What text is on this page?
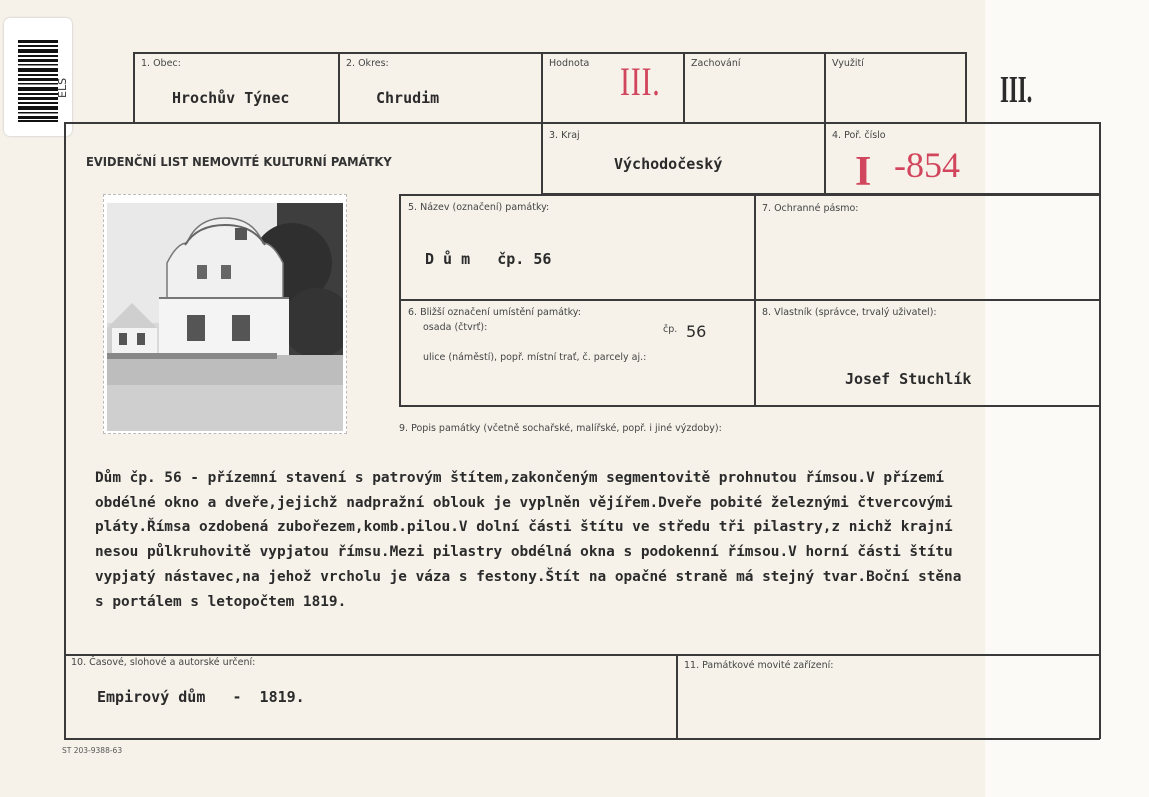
ELS
1. Obec:
Hrochův Týnec
2. Okres:
Chrudim
Hodnota III.	Zachování	Využití
III.
EVIDENČNÍ LIST NEMOVITÉ KULTURNÍ PAMÁTKY
3. Kraj
Východočeský
4. Poř. číslo
I -854
5. Název (označení) památky:
D ů m   čp. 56
7. Ochranné pásmo:
6. Bližší označení umístění památky:
osada (čtvrť):	čp. 56
ulice (náměstí), popř. místní trať, č. parcely aj.:
8. Vlastník (správce, trvalý uživatel):
Josef Stuchlík
9. Popis památky (včetně sochařské, malířské, popř. i jiné výzdoby):
Dům čp. 56 - přízemní stavení s patrovým štítem,zakončeným segmentovitě prohnutou římsou.V přízemí
obdélné okno a dveře,jejichž nadpražní oblouk je vyplněn vějířem.Dveře pobité železnými čtvercovými
pláty.Římsa ozdobená zubořezem,komb.pilou.V dolní části štítu ve středu tři pilastry,z nichž krajní
nesou půlkruhovitě vypjatou římsu.Mezi pilastry obdélná okna s podokenní římsou.V horní části štítu
vypjatý nástavec,na jehož vrcholu je váza s festony.Štít na opačné straně má stejný tvar.Boční stěna
s portálem s letopočtem 1819.
10. Časové, slohové a autorské určení:
Empirový dům   -  1819.
11. Památkové movité zařízení:
ST 203-9388-63
